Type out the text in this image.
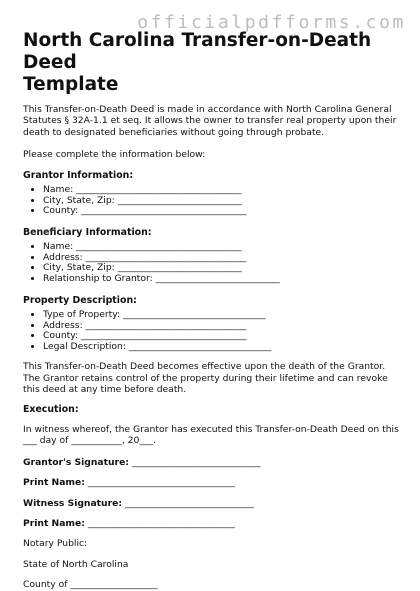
officialpdfforms.com
North Carolina Transfer-on-Death Deed
Template

This Transfer-on-Death Deed is made in accordance with North Carolina General Statutes § 32A-1.1 et seq. It allows the owner to transfer real property upon their death to designated beneficiaries without going through probate.

Please complete the information below:

Grantor Information:

• Name: ____________________________________
• City, State, Zip: ___________________________
• County: ____________________________________

Beneficiary Information:

• Name: ____________________________________
• Address: ___________________________________
• City, State, Zip: ___________________________
• Relationship to Grantor: ___________________________

Property Description:

• Type of Property: _______________________________
• Address: ___________________________________
• County: ____________________________________
• Legal Description: _______________________________

This Transfer-on-Death Deed becomes effective upon the death of the Grantor. The Grantor retains control of the property during their lifetime and can revoke this deed at any time before death.

Execution:

In witness whereof, the Grantor has executed this Transfer-on-Death Deed on this ___ day of ___________, 20___.

Grantor's Signature: ____________________________

Print Name: ________________________________

Witness Signature: ____________________________

Print Name: ________________________________

Notary Public:

State of North Carolina

County of ___________________
